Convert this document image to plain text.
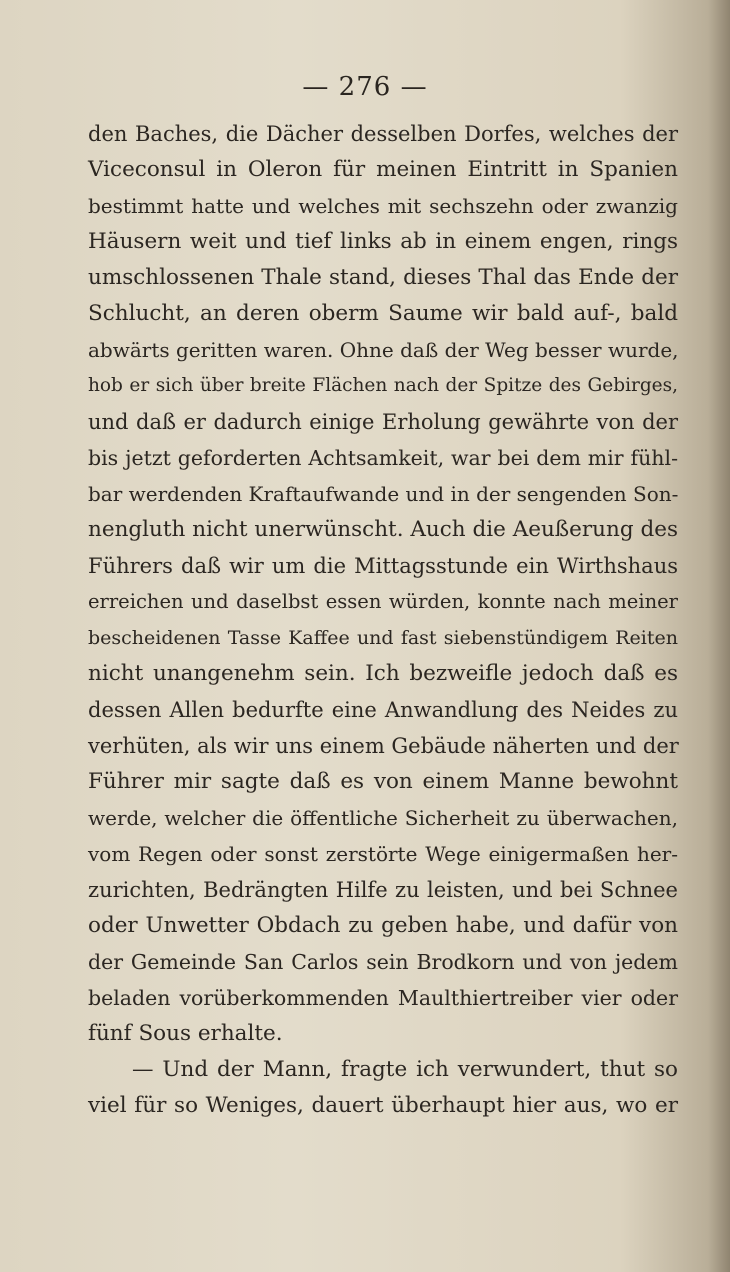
— 276 —
den Baches, die Dächer desselben Dorfes, welches der
Viceconsul in Oleron für meinen Eintritt in Spanien
bestimmt hatte und welches mit sechszehn oder zwanzig
Häusern weit und tief links ab in einem engen, rings
umschlossenen Thale stand, dieses Thal das Ende der
Schlucht, an deren oberm Saume wir bald auf-, bald
abwärts geritten waren. Ohne daß der Weg besser wurde,
hob er sich über breite Flächen nach der Spitze des Gebirges,
und daß er dadurch einige Erholung gewährte von der
bis jetzt geforderten Achtsamkeit, war bei dem mir fühl-
bar werdenden Kraftaufwande und in der sengenden Son-
nengluth nicht unerwünscht. Auch die Aeußerung des
Führers daß wir um die Mittagsstunde ein Wirthshaus
erreichen und daselbst essen würden, konnte nach meiner
bescheidenen Tasse Kaffee und fast siebenstündigem Reiten
nicht unangenehm sein. Ich bezweifle jedoch daß es
dessen Allen bedurfte eine Anwandlung des Neides zu
verhüten, als wir uns einem Gebäude näherten und der
Führer mir sagte daß es von einem Manne bewohnt
werde, welcher die öffentliche Sicherheit zu überwachen,
vom Regen oder sonst zerstörte Wege einigermaßen her-
zurichten, Bedrängten Hilfe zu leisten, und bei Schnee
oder Unwetter Obdach zu geben habe, und dafür von
der Gemeinde San Carlos sein Brodkorn und von jedem
beladen vorüberkommenden Maulthiertreiber vier oder
fünf Sous erhalte.
— Und der Mann, fragte ich verwundert, thut so
viel für so Weniges, dauert überhaupt hier aus, wo er
